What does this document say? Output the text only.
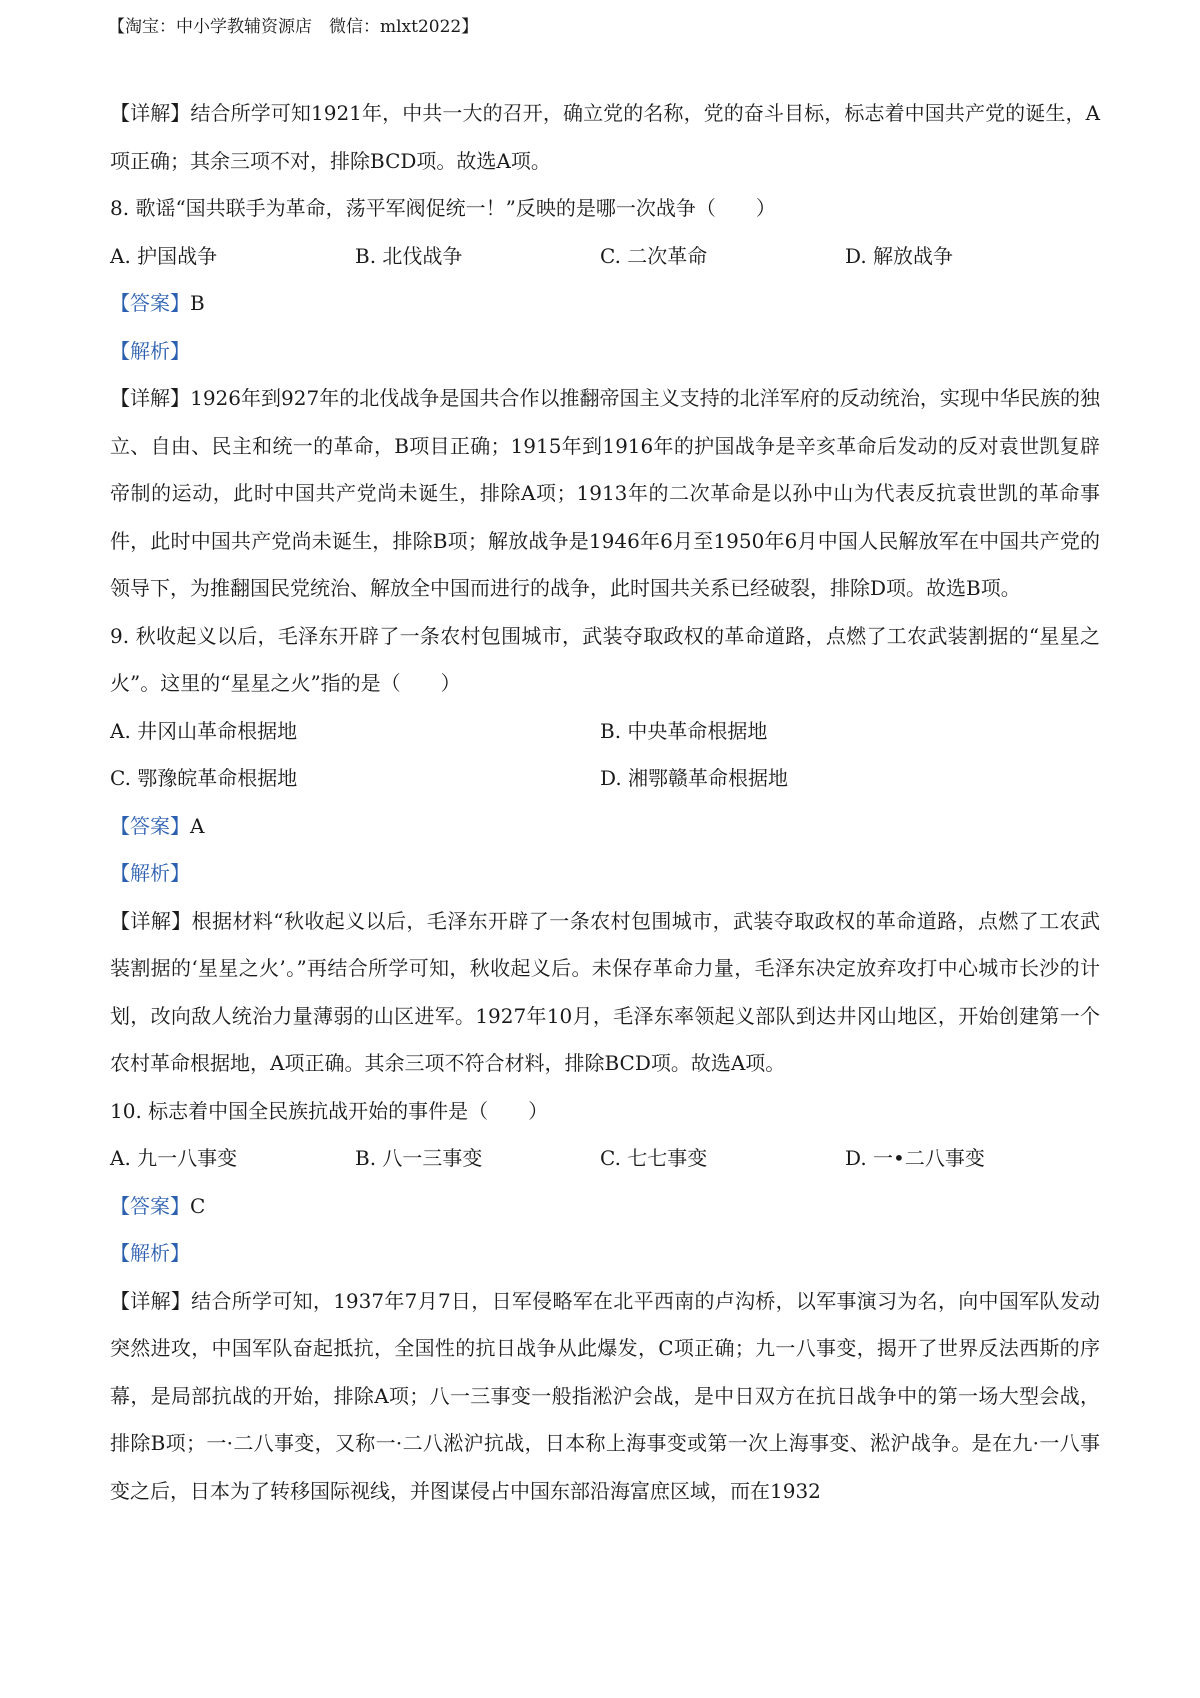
【淘宝：中小学教辅资源店　微信：mlxt2022】

【详解】结合所学可知1921年，中共一大的召开，确立党的名称，党的奋斗目标，标志着中国共产党的诞生，A项正确；其余三项不对，排除BCD项。故选A项。

8. 歌谣“国共联手为革命，荡平军阀促统一！”反映的是哪一次战争（　　）
A. 护国战争	B. 北伐战争	C. 二次革命	D. 解放战争
【答案】B
【解析】

【详解】1926年到927年的北伐战争是国共合作以推翻帝国主义支持的北洋军府的反动统治，实现中华民族的独立、自由、民主和统一的革命，B项目正确；1915年到1916年的护国战争是辛亥革命后发动的反对袁世凯复辟帝制的运动，此时中国共产党尚未诞生，排除A项；1913年的二次革命是以孙中山为代表反抗袁世凯的革命事件，此时中国共产党尚未诞生，排除B项；解放战争是1946年6月至1950年6月中国人民解放军在中国共产党的领导下，为推翻国民党统治、解放全中国而进行的战争，此时国共关系已经破裂，排除D项。故选B项。

9. 秋收起义以后，毛泽东开辟了一条农村包围城市，武装夺取政权的革命道路，点燃了工农武装割据的“星星之火”。这里的“星星之火”指的是（　　）

A. 井冈山革命根据地	B. 中央革命根据地
C. 鄂豫皖革命根据地	D. 湘鄂赣革命根据地
【答案】A
【解析】

【详解】根据材料“秋收起义以后，毛泽东开辟了一条农村包围城市，武装夺取政权的革命道路，点燃了工农武装割据的‘星星之火’。”再结合所学可知，秋收起义后。未保存革命力量，毛泽东决定放弃攻打中心城市长沙的计划，改向敌人统治力量薄弱的山区进军。1927年10月，毛泽东率领起义部队到达井冈山地区，开始创建第一个农村革命根据地，A项正确。其余三项不符合材料，排除BCD项。故选A项。

10. 标志着中国全民族抗战开始的事件是（　　）
A. 九一八事变	B. 八一三事变	C. 七七事变	D. 一•二八事变
【答案】C
【解析】

【详解】结合所学可知，1937年7月7日，日军侵略军在北平西南的卢沟桥，以军事演习为名，向中国军队发动突然进攻，中国军队奋起抵抗，全国性的抗日战争从此爆发，C项正确；九一八事变，揭开了世界反法西斯的序幕，是局部抗战的开始，排除A项；八一三事变一般指淞沪会战，是中日双方在抗日战争中的第一场大型会战，排除B项；一·二八事变，又称一·二八淞沪抗战，日本称上海事变或第一次上海事变、淞沪战争。是在九·一八事变之后，日本为了转移国际视线，并图谋侵占中国东部沿海富庶区域，而在1932
